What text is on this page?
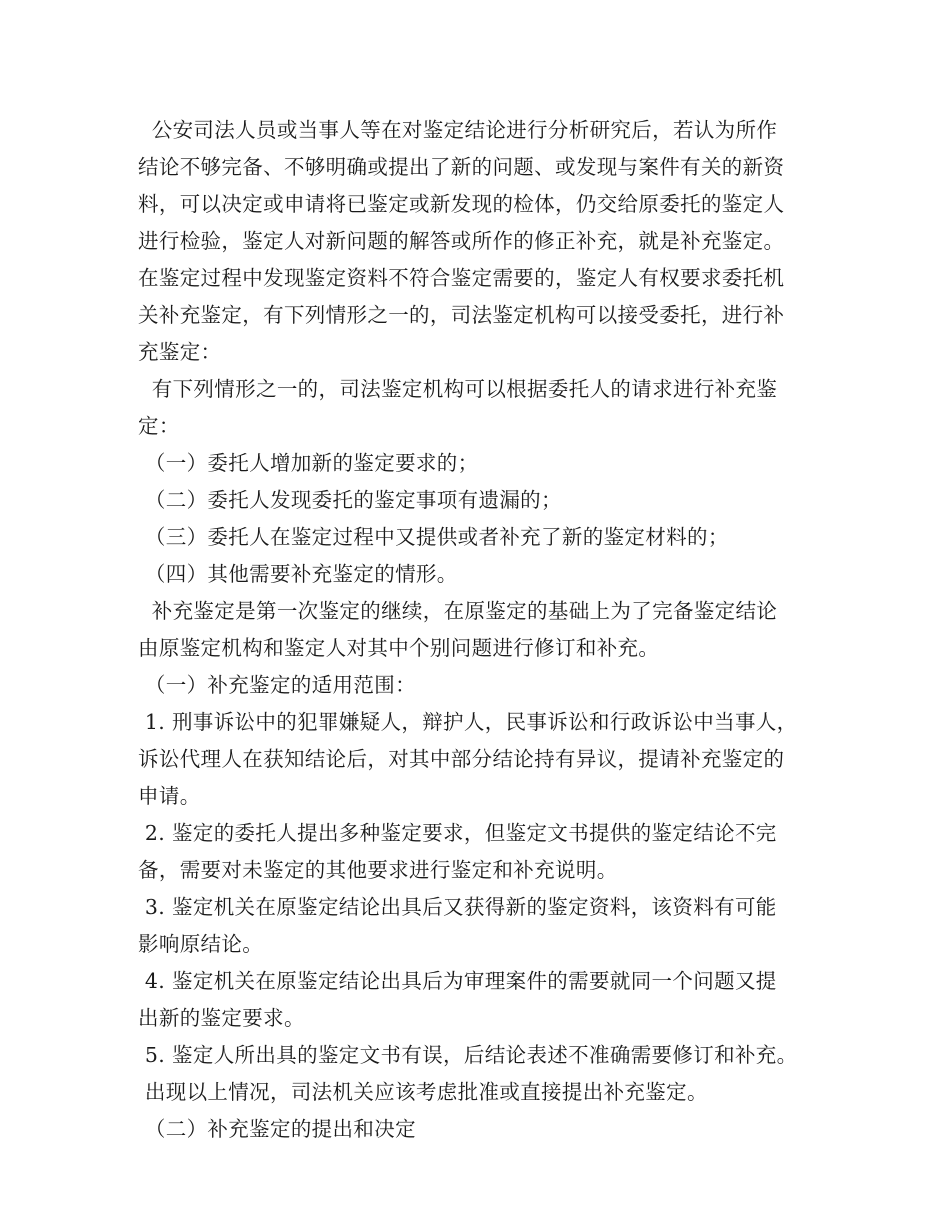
公安司法人员或当事人等在对鉴定结论进行分析研究后，若认为所作
结论不够完备、不够明确或提出了新的问题、或发现与案件有关的新资
料，可以决定或申请将已鉴定或新发现的检体，仍交给原委托的鉴定人
进行检验，鉴定人对新问题的解答或所作的修正补充，就是补充鉴定。
在鉴定过程中发现鉴定资料不符合鉴定需要的，鉴定人有权要求委托机
关补充鉴定，有下列情形之一的，司法鉴定机构可以接受委托，进行补
充鉴定：
有下列情形之一的，司法鉴定机构可以根据委托人的请求进行补充鉴
定：
（一）委托人增加新的鉴定要求的；
（二）委托人发现委托的鉴定事项有遗漏的；
（三）委托人在鉴定过程中又提供或者补充了新的鉴定材料的；
（四）其他需要补充鉴定的情形。
补充鉴定是第一次鉴定的继续，在原鉴定的基础上为了完备鉴定结论
由原鉴定机构和鉴定人对其中个别问题进行修订和补充。
（一）补充鉴定的适用范围：
1. 刑事诉讼中的犯罪嫌疑人，辩护人，民事诉讼和行政诉讼中当事人，
诉讼代理人在获知结论后，对其中部分结论持有异议，提请补充鉴定的
申请。
2. 鉴定的委托人提出多种鉴定要求，但鉴定文书提供的鉴定结论不完
备，需要对未鉴定的其他要求进行鉴定和补充说明。
3. 鉴定机关在原鉴定结论出具后又获得新的鉴定资料，该资料有可能
影响原结论。
4. 鉴定机关在原鉴定结论出具后为审理案件的需要就同一个问题又提
出新的鉴定要求。
5. 鉴定人所出具的鉴定文书有误，后结论表述不准确需要修订和补充。
出现以上情况，司法机关应该考虑批准或直接提出补充鉴定。
（二）补充鉴定的提出和决定
